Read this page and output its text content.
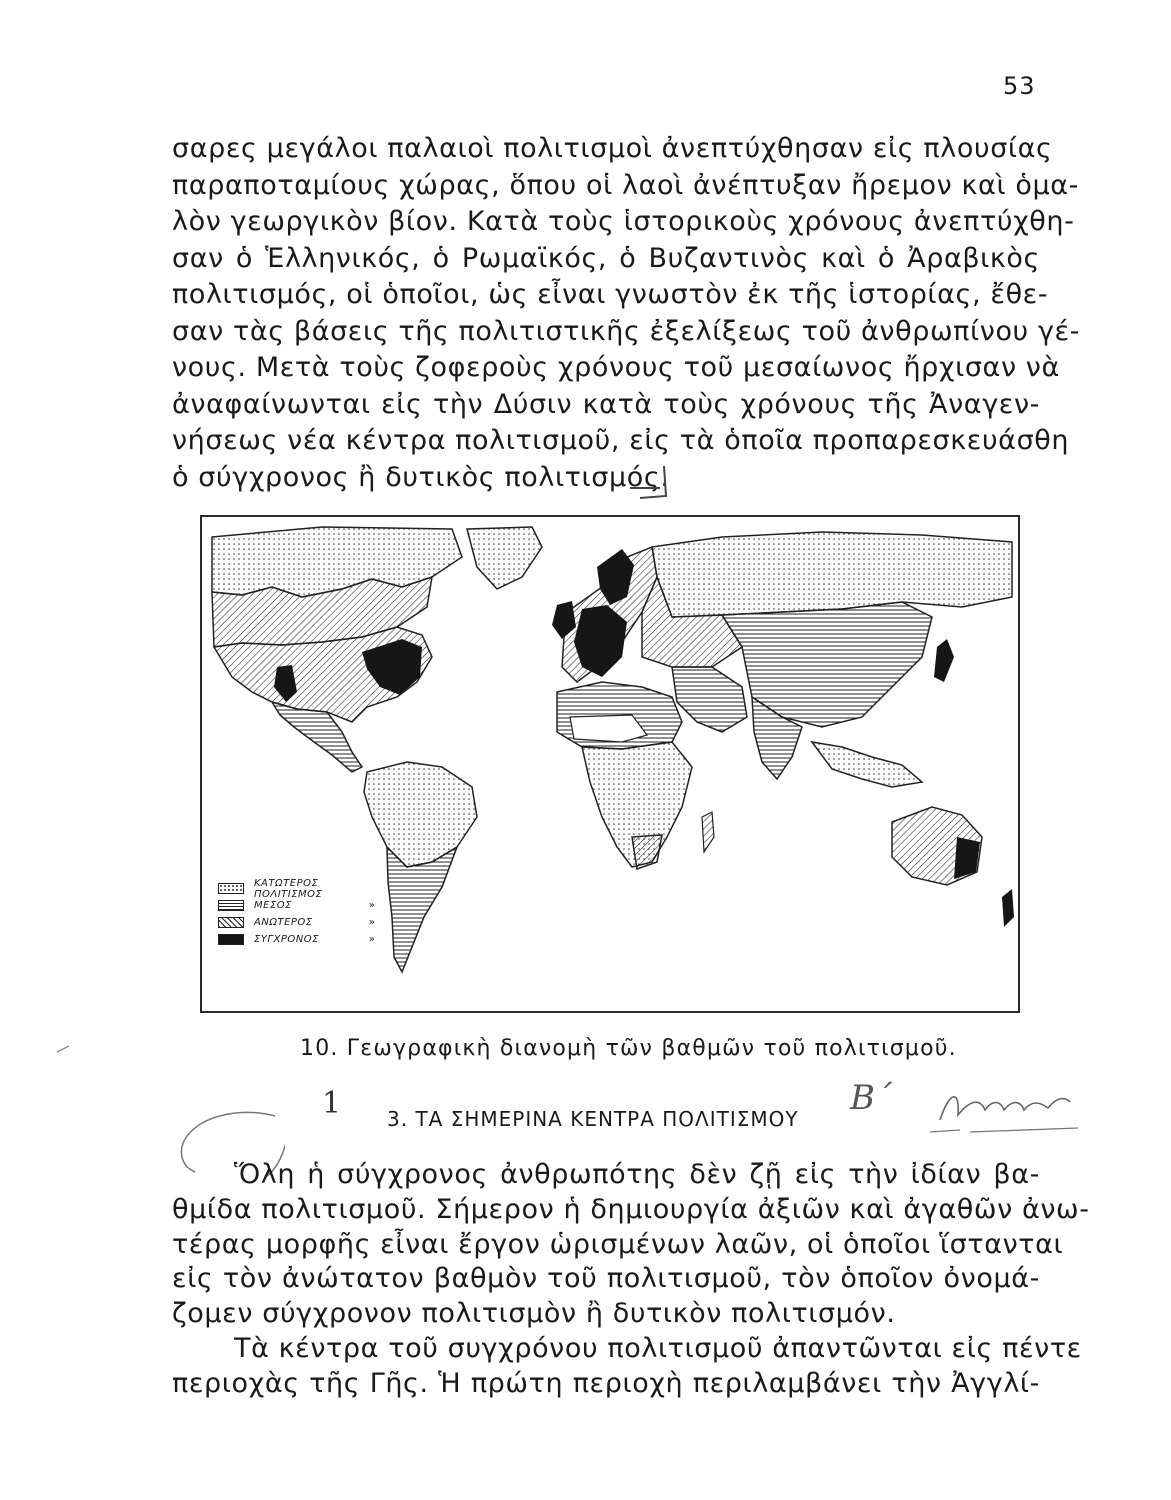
53
σαρες μεγάλοι παλαιοὶ πολιτισμοὶ ἀνεπτύχθησαν εἰς πλουσίας
παραποταμίους χώρας, ὅπου οἱ λαοὶ ἀνέπτυξαν ἤρεμον καὶ ὁμα-
λὸν γεωργικὸν βίον. Κατὰ τοὺς ἱστορικοὺς χρόνους ἀνεπτύχθη-
σαν ὁ Ἑλληνικός, ὁ Ρωμαϊκός, ὁ Βυζαντινὸς καὶ ὁ Ἀραβικὸς
πολιτισμός, οἱ ὁποῖοι, ὡς εἶναι γνωστὸν ἐκ τῆς ἱστορίας, ἔθε-
σαν τὰς βάσεις τῆς πολιτιστικῆς ἐξελίξεως τοῦ ἀνθρωπίνου γέ-
νους. Μετὰ τοὺς ζοφεροὺς χρόνους τοῦ μεσαίωνος ἤρχισαν νὰ
ἀναφαίνωνται εἰς τὴν Δύσιν κατὰ τοὺς χρόνους τῆς Ἀναγεν-
νήσεως νέα κέντρα πολιτισμοῦ, εἰς τὰ ὁποῖα προπαρεσκευάσθη
ὁ σύγχρονος ἢ δυτικὸς πολιτισμός.
ΚΑΤΩΤΕΡΟΣ ΠΟΛΙΤΙΣΜΟΣ
ΜΕΣΟΣ	»
ΑΝΩΤΕΡΟΣ	»
ΣΥΓΧΡΟΝΟΣ	»
10. Γεωγραφικὴ διανομὴ τῶν βαθμῶν τοῦ πολιτισμοῦ.
1 3. ΤΑ ΣΗΜΕΡΙΝΑ ΚΕΝΤΡΑ ΠΟΛΙΤΙΣΜΟΥ
Β΄
Ὅλη ἡ σύγχρονος ἀνθρωπότης δὲν ζῇ εἰς τὴν ἰδίαν βα-
θμίδα πολιτισμοῦ. Σήμερον ἡ δημιουργία ἀξιῶν καὶ ἀγαθῶν ἀνω-
τέρας μορφῆς εἶναι ἔργον ὡρισμένων λαῶν, οἱ ὁποῖοι ἵστανται
εἰς τὸν ἀνώτατον βαθμὸν τοῦ πολιτισμοῦ, τὸν ὁποῖον ὀνομά-
ζομεν σύγχρονον πολιτισμὸν ἢ δυτικὸν πολιτισμόν.
Τὰ κέντρα τοῦ συγχρόνου πολιτισμοῦ ἀπαντῶνται εἰς πέντε
περιοχὰς τῆς Γῆς. Ἡ πρώτη περιοχὴ περιλαμβάνει τὴν Ἀγγλί-
